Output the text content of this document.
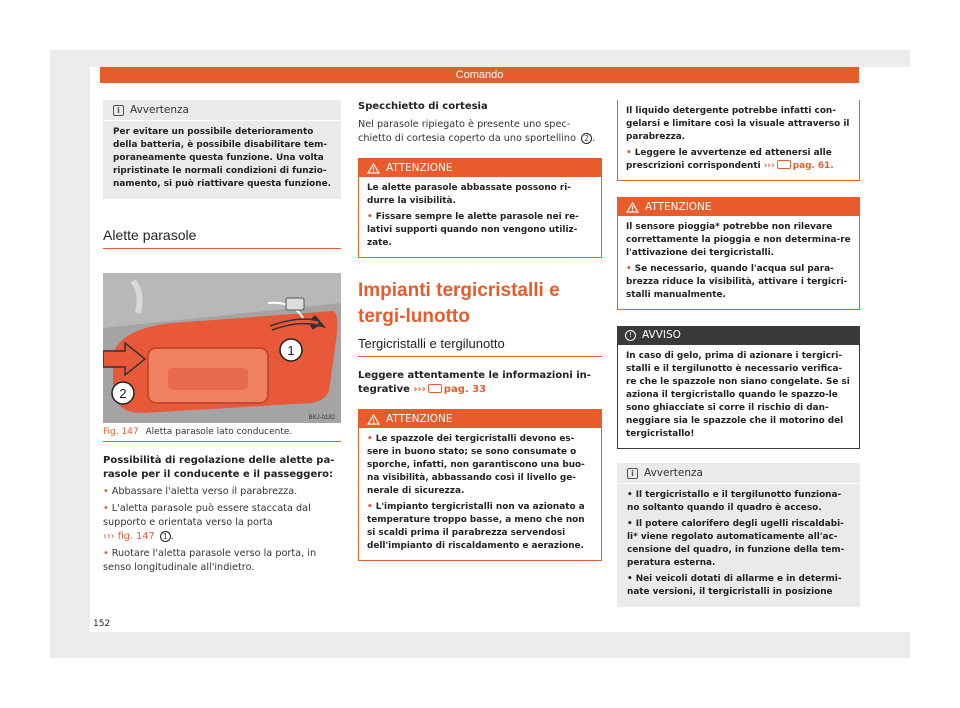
Comando
152
i Avvertenza
Per evitare un possibile deterioramento della batteria, è possibile disabilitare tem-poraneamente questa funzione. Una volta ripristinate le normali condizioni di funzio-namento, si può riattivare questa funzione.
Alette parasole
1
2
BKJ-0182
Fig. 147 Aletta parasole lato conducente.
Possibilità di regolazione delle alette pa-rasole per il conducente e il passeggero:
• Abbassare l'aletta verso il parabrezza.
• L'aletta parasole può essere staccata dal supporto e orientata verso la porta
››› fig. 147 1 .
• Ruotare l'aletta parasole verso la porta, in senso longitudinale all'indietro.
Specchietto di cortesia
Nel parasole ripiegato è presente uno spec-chietto di cortesia coperto da uno sportellino 2 .
ATTENZIONE
Le alette parasole abbassate possono ri-durre la visibilità.
• Fissare sempre le alette parasole nei re-lativi supporti quando non vengono utiliz-zate.
Impianti tergicristalli e tergi-lunotto
Tergicristalli e tergilunotto
Leggere attentamente le informazioni in-tegrative ››› pag. 33
ATTENZIONE
• Le spazzole dei tergicristalli devono es-sere in buono stato; se sono consumate o sporche, infatti, non garantiscono una buo-na visibilità, abbassando così il livello ge-nerale di sicurezza.
• L'impianto tergicristalli non va azionato a temperature troppo basse, a meno che non si scaldi prima il parabrezza servendosi dell'impianto di riscaldamento e aerazione.
Il liquido detergente potrebbe infatti con-gelarsi e limitare così la visuale attraverso il parabrezza.
• Leggere le avvertenze ed attenersi alle prescrizioni corrispondenti ››› pag. 61.
ATTENZIONE
Il sensore pioggia* potrebbe non rilevare correttamente la pioggia e non determina-re l'attivazione dei tergicristalli.
• Se necessario, quando l'acqua sul para-brezza riduce la visibilità, attivare i tergicri-stalli manualmente.
! AVVISO
In caso di gelo, prima di azionare i tergicri-stalli e il tergilunotto è necessario verifica-re che le spazzole non siano congelate. Se si aziona il tergicristallo quando le spazzo-le sono ghiacciate si corre il rischio di dan-neggiare sia le spazzole che il motorino del tergicristallo!
i Avvertenza
• Il tergicristallo e il tergilunotto funziona-no soltanto quando il quadro è acceso.
• Il potere calorifero degli ugelli riscaldabi-li* viene regolato automaticamente all'ac-censione del quadro, in funzione della tem-peratura esterna.
• Nei veicoli dotati di allarme e in determi-nate versioni, il tergicristalli in posizione
